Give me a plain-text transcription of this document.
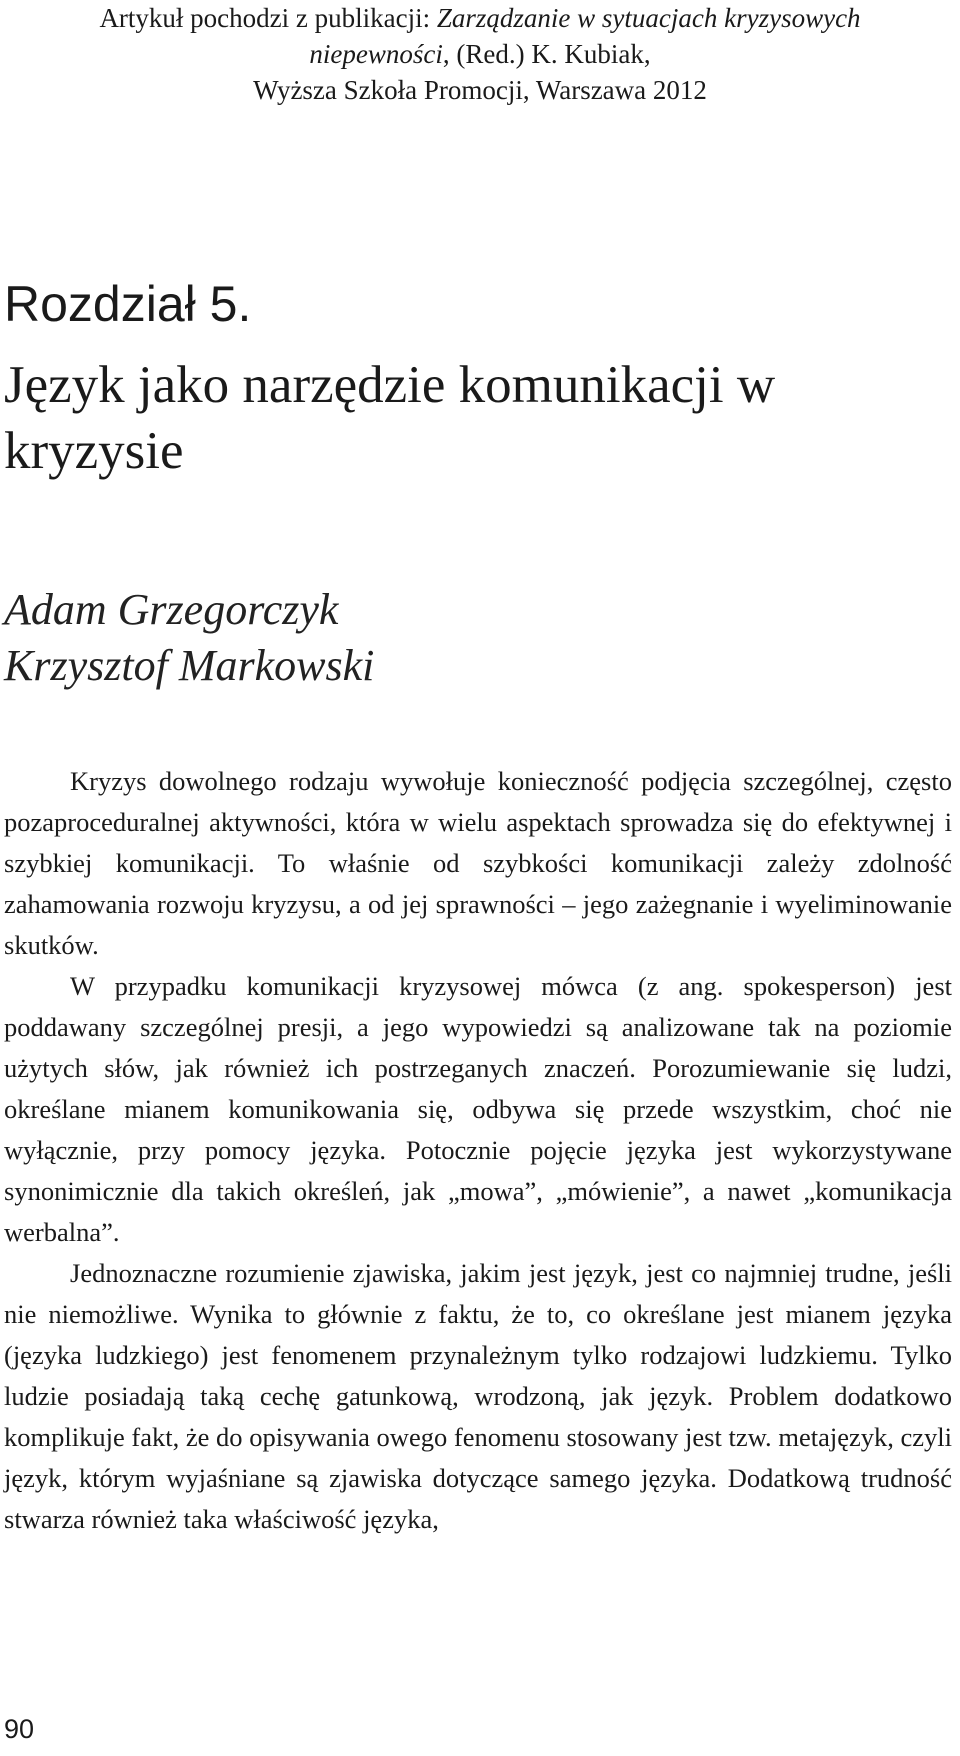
Artykuł pochodzi z publikacji: Zarządzanie w sytuacjach kryzysowych
niepewności, (Red.) K. Kubiak,
Wyższa Szkoła Promocji, Warszawa 2012
Rozdział 5.
Język jako narzędzie komunikacji w kryzysie
Adam Grzegorczyk
Krzysztof Markowski

Kryzys dowolnego rodzaju wywołuje konieczność podjęcia szczególnej, często pozaproceduralnej aktywności, która w wielu aspektach sprowadza się do efektywnej i szybkiej komunikacji. To właśnie od szybkości komunikacji zależy zdolność zahamowania rozwoju kryzysu, a od jej sprawności – jego zażegnanie i wyeliminowanie skutków.

W przypadku komunikacji kryzysowej mówca (z ang. spokesperson) jest poddawany szczególnej presji, a jego wypowiedzi są analizowane tak na poziomie użytych słów, jak również ich postrzeganych znaczeń. Porozumiewanie się ludzi, określane mianem komunikowania się, odbywa się przede wszystkim, choć nie wyłącznie, przy pomocy języka. Potocznie pojęcie języka jest wykorzystywane synonimicznie dla takich określeń, jak „mowa”, „mówienie”, a nawet „komunikacja werbalna”.

Jednoznaczne rozumienie zjawiska, jakim jest język, jest co najmniej trudne, jeśli nie niemożliwe. Wynika to głównie z faktu, że to, co określane jest mianem języka (języka ludzkiego) jest fenomenem przynależnym tylko rodzajowi ludzkiemu. Tylko ludzie posiadają taką cechę gatunkową, wrodzoną, jak język. Problem dodatkowo komplikuje fakt, że do opisywania owego fenomenu stosowany jest tzw. metajęzyk, czyli język, którym wyjaśniane są zjawiska dotyczące samego języka. Dodatkową trudność stwarza również taka właściwość języka,

90
